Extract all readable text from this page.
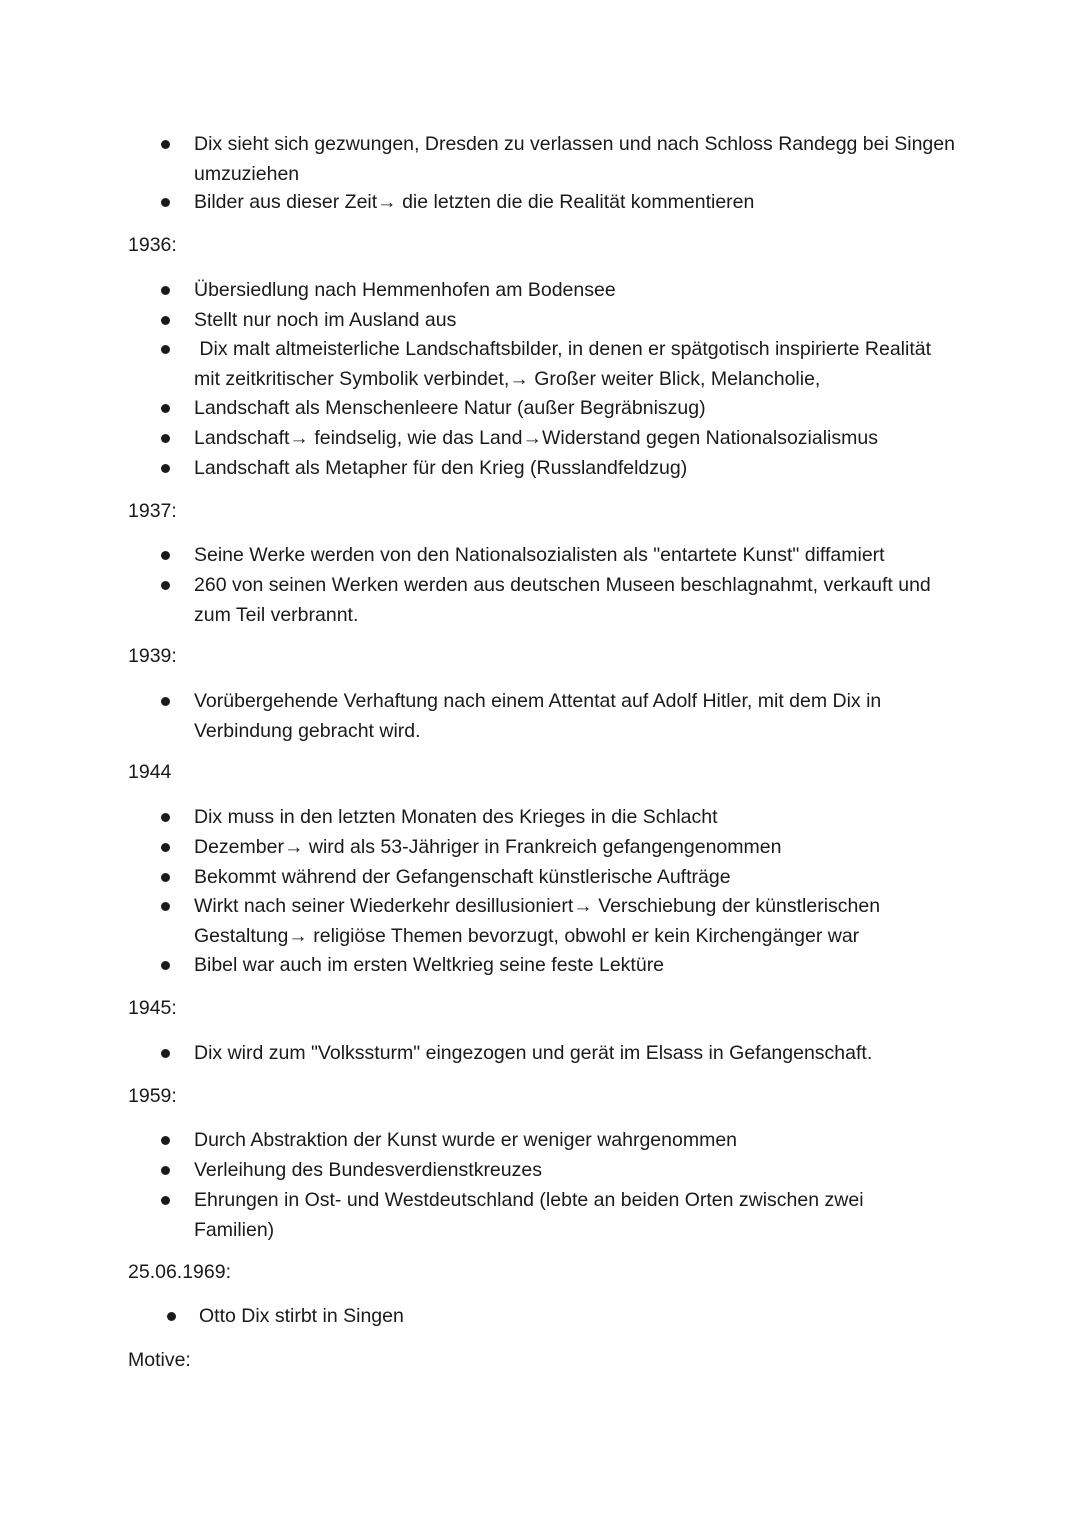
Dix sieht sich gezwungen, Dresden zu verlassen und nach Schloss Randegg bei Singen
umzuziehen
Bilder aus dieser Zeit→ die letzten die die Realität kommentieren
1936:
Übersiedlung nach Hemmenhofen am Bodensee
Stellt nur noch im Ausland aus
Dix malt altmeisterliche Landschaftsbilder, in denen er spätgotisch inspirierte Realität
mit zeitkritischer Symbolik verbindet,→ Großer weiter Blick, Melancholie,
Landschaft als Menschenleere Natur (außer Begräbniszug)
Landschaft→ feindselig, wie das Land→Widerstand gegen Nationalsozialismus
Landschaft als Metapher für den Krieg (Russlandfeldzug)
1937:
Seine Werke werden von den Nationalsozialisten als "entartete Kunst" diffamiert
260 von seinen Werken werden aus deutschen Museen beschlagnahmt, verkauft und
zum Teil verbrannt.
1939:
Vorübergehende Verhaftung nach einem Attentat auf Adolf Hitler, mit dem Dix in
Verbindung gebracht wird.
1944
Dix muss in den letzten Monaten des Krieges in die Schlacht
Dezember→ wird als 53-Jähriger in Frankreich gefangengenommen
Bekommt während der Gefangenschaft künstlerische Aufträge
Wirkt nach seiner Wiederkehr desillusioniert→ Verschiebung der künstlerischen
Gestaltung→ religiöse Themen bevorzugt, obwohl er kein Kirchengänger war
Bibel war auch im ersten Weltkrieg seine feste Lektüre
1945:
Dix wird zum "Volkssturm" eingezogen und gerät im Elsass in Gefangenschaft.
1959:
Durch Abstraktion der Kunst wurde er weniger wahrgenommen
Verleihung des Bundesverdienstkreuzes
Ehrungen in Ost- und Westdeutschland (lebte an beiden Orten zwischen zwei
Familien)
25.06.1969:
Otto Dix stirbt in Singen
Motive:
